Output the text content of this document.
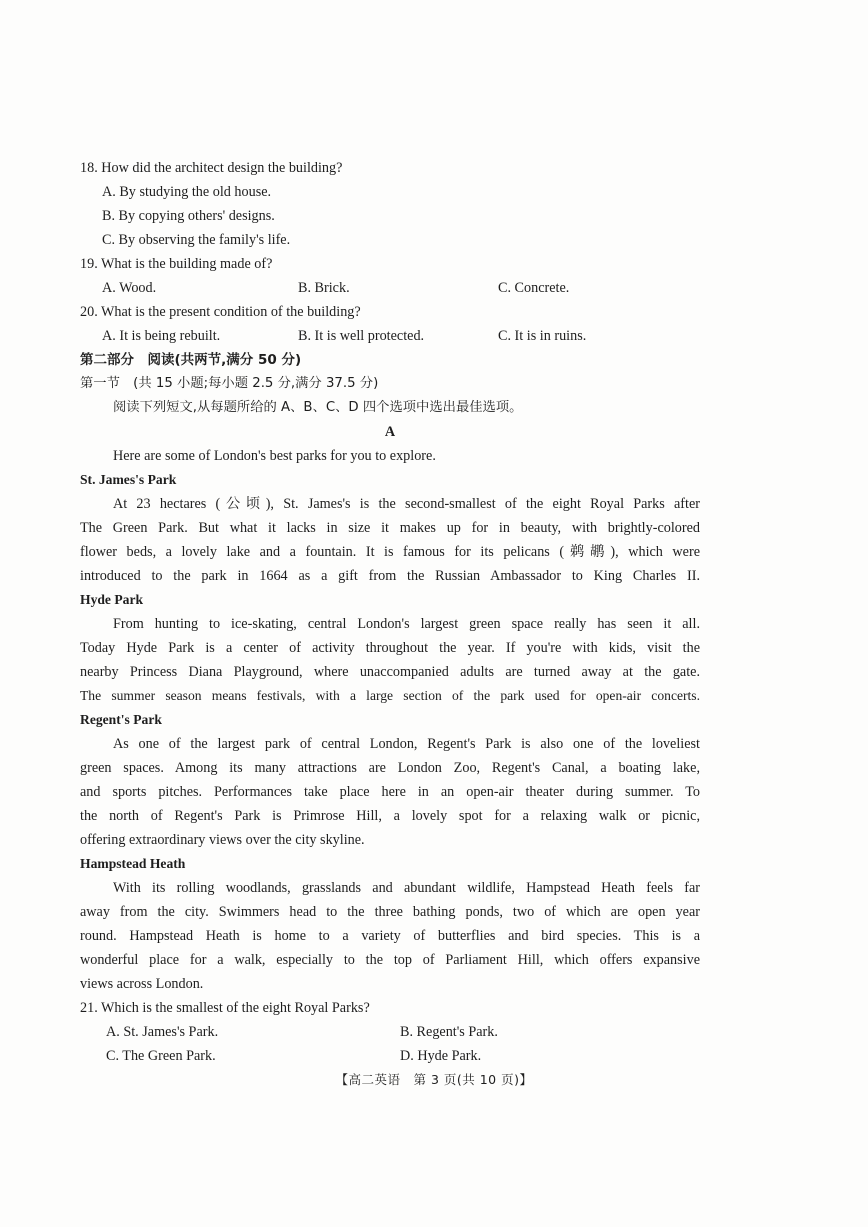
18. How did the architect design the building?
A. By studying the old house.
B. By copying others' designs.
C. By observing the family's life.
19. What is the building made of?
A. Wood.	B. Brick.	C. Concrete.
20. What is the present condition of the building?
A. It is being rebuilt.	B. It is well protected.	C. It is in ruins.
第二部分　阅读(共两节,满分 50 分)
第一节　(共 15 小题;每小题 2.5 分,满分 37.5 分)
阅读下列短文,从每题所给的 A、B、C、D 四个选项中选出最佳选项。
A
Here are some of London's best parks for you to explore.
St. James's Park
At 23 hectares (公顷), St. James's is the second-smallest of the eight Royal Parks after
The Green Park. But what it lacks in size it makes up for in beauty, with brightly-colored
flower beds, a lovely lake and a fountain. It is famous for its pelicans (鹈鹕), which were
introduced to the park in 1664 as a gift from the Russian Ambassador to King Charles II.
Hyde Park
From hunting to ice-skating, central London's largest green space really has seen it all.
Today Hyde Park is a center of activity throughout the year. If you're with kids, visit the
nearby Princess Diana Playground, where unaccompanied adults are turned away at the gate.
The summer season means festivals, with a large section of the park used for open-air concerts.
Regent's Park
As one of the largest park of central London, Regent's Park is also one of the loveliest
green spaces. Among its many attractions are London Zoo, Regent's Canal, a boating lake,
and sports pitches. Performances take place here in an open-air theater during summer. To
the north of Regent's Park is Primrose Hill, a lovely spot for a relaxing walk or picnic,
offering extraordinary views over the city skyline.
Hampstead Heath
With its rolling woodlands, grasslands and abundant wildlife, Hampstead Heath feels far
away from the city. Swimmers head to the three bathing ponds, two of which are open year
round. Hampstead Heath is home to a variety of butterflies and bird species. This is a
wonderful place for a walk, especially to the top of Parliament Hill, which offers expansive
views across London.
21. Which is the smallest of the eight Royal Parks?
A. St. James's Park.	B. Regent's Park.
C. The Green Park.	D. Hyde Park.
【高二英语　第 3 页(共 10 页)】
